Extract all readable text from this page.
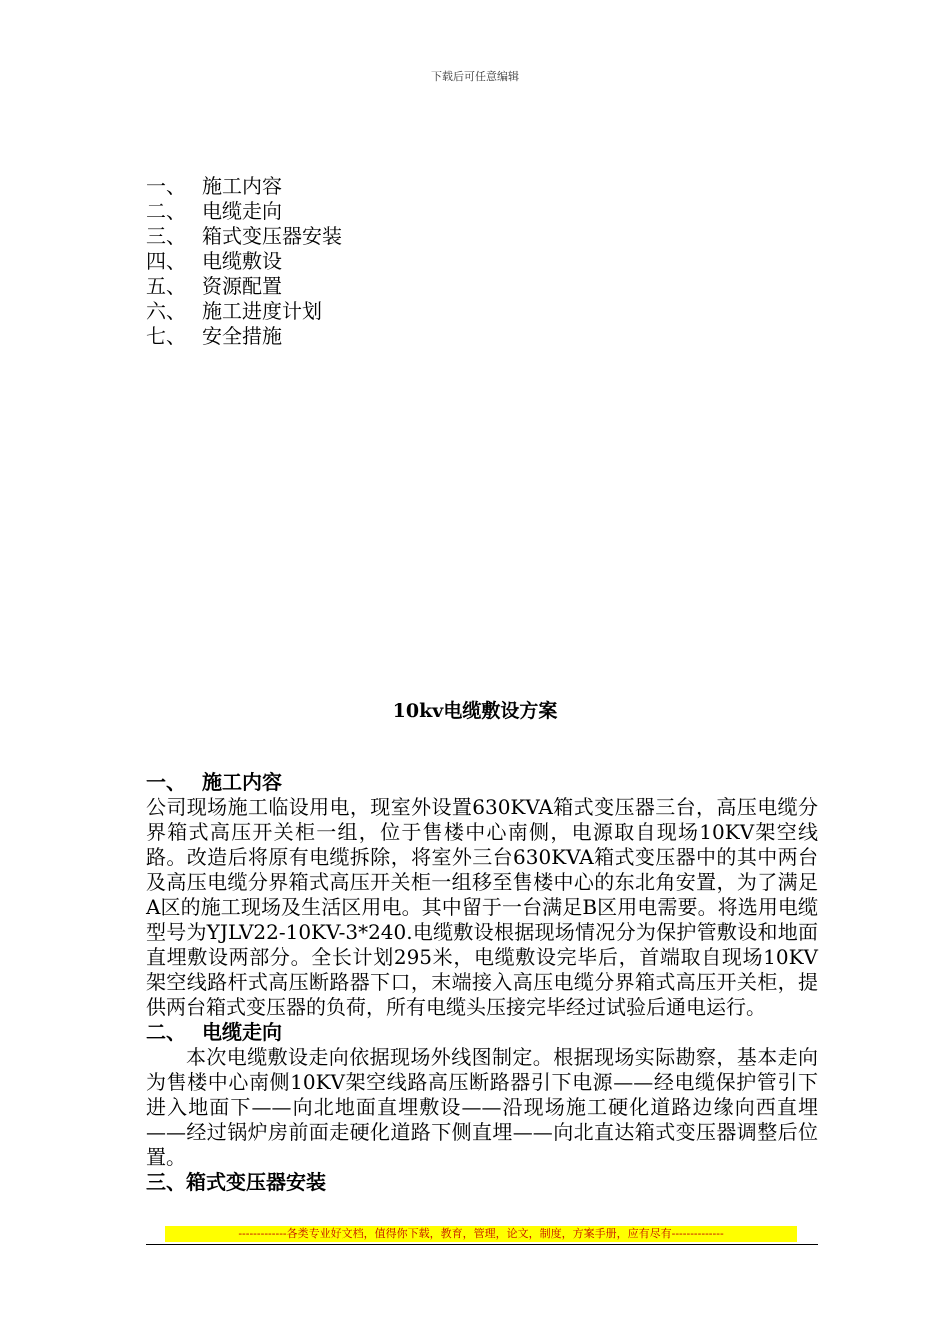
下载后可任意编辑
一、 施工内容
二、 电缆走向
三、 箱式变压器安装
四、 电缆敷设
五、 资源配置
六、 施工进度计划
七、 安全措施
10kv电缆敷设方案
一、 施工内容

公司现场施工临设用电，现室外设置630KVA箱式变压器三台，高压电缆分界箱式高压开关柜一组，位于售楼中心南侧，电源取自现场10KV架空线路。改造后将原有电缆拆除，将室外三台630KVA箱式变压器中的其中两台及高压电缆分界箱式高压开关柜一组移至售楼中心的东北角安置，为了满足A区的施工现场及生活区用电。其中留于一台满足B区用电需要。将选用电缆型号为YJLV22-10KV-3*240.电缆敷设根据现场情况分为保护管敷设和地面直埋敷设两部分。全长计划295米，电缆敷设完毕后，首端取自现场10KV架空线路杆式高压断路器下口，末端接入高压电缆分界箱式高压开关柜，提供两台箱式变压器的负荷，所有电缆头压接完毕经过试验后通电运行。

二、 电缆走向

本次电缆敷设走向依据现场外线图制定。根据现场实际勘察，基本走向为售楼中心南侧10KV架空线路高压断路器引下电源——经电缆保护管引下进入地面下——向北地面直埋敷设——沿现场施工硬化道路边缘向西直埋——经过锅炉房前面走硬化道路下侧直埋——向北直达箱式变压器调整后位置。

三、箱式变压器安装
-------------各类专业好文档，值得你下载，教育，管理，论文，制度，方案手册，应有尽有--------------
